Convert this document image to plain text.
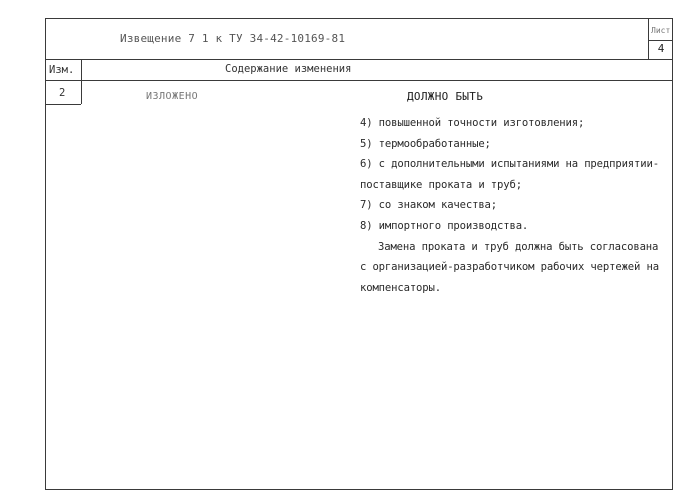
Извещение 7 1 к ТУ 34-42-10169-81
Лист
4
Изм.	Содержание изменения
2	ИЗЛОЖЕНО	ДОЛЖНО БЫТЬ
4) повышенной точности изготовления;
5) термообработанные;
6) с дополнительными испытаниями на предприятии-
поставщике проката и труб;
7) со знаком качества;
8) импортного производства.
Замена проката и труб должна быть согласована
с организацией-разработчиком рабочих чертежей на
компенсаторы.
